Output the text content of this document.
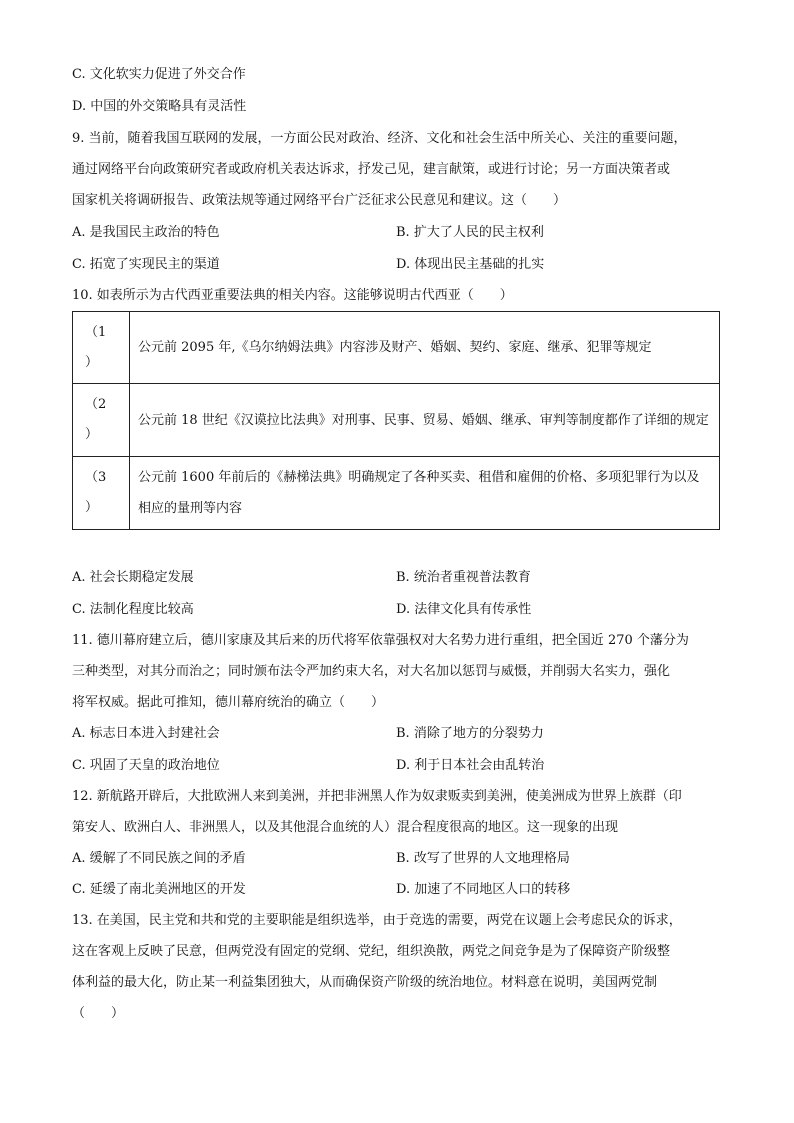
C. 文化软实力促进了外交合作
D. 中国的外交策略具有灵活性
9. 当前，随着我国互联网的发展，一方面公民对政治、经济、文化和社会生活中所关心、关注的重要问题，
通过网络平台向政策研究者或政府机关表达诉求，抒发己见，建言献策，或进行讨论；另一方面决策者或
国家机关将调研报告、政策法规等通过网络平台广泛征求公民意见和建议。这（　　）
A. 是我国民主政治的特色	B. 扩大了人民的民主权利
C. 拓宽了实现民主的渠道	D. 体现出民主基础的扎实
10. 如表所示为古代西亚重要法典的相关内容。这能够说明古代西亚（　　）
（1
）	公元前 2095 年,《乌尔纳姆法典》内容涉及财产、婚姻、契约、家庭、继承、犯罪等规定

（2
）	公元前 18 世纪《汉谟拉比法典》对刑事、民事、贸易、婚姻、继承、审判等制度都作了详细的规定

（3
）	公元前 1600 年前后的《赫梯法典》明确规定了各种买卖、租借和雇佣的价格、多项犯罪行为以及相应的量刑等内容
A. 社会长期稳定发展	B. 统治者重视普法教育
C. 法制化程度比较高	D. 法律文化具有传承性
11. 德川幕府建立后，德川家康及其后来的历代将军依靠强权对大名势力进行重组，把全国近 270 个藩分为
三种类型，对其分而治之；同时颁布法令严加约束大名，对大名加以惩罚与威慑，并削弱大名实力，强化
将军权威。据此可推知，德川幕府统治的确立（　　）
A. 标志日本进入封建社会	B. 消除了地方的分裂势力
C. 巩固了天皇的政治地位	D. 利于日本社会由乱转治
12. 新航路开辟后，大批欧洲人来到美洲，并把非洲黑人作为奴隶贩卖到美洲，使美洲成为世界上族群（印
第安人、欧洲白人、非洲黑人，以及其他混合血统的人）混合程度很高的地区。这一现象的出现
A. 缓解了不同民族之间的矛盾	B. 改写了世界的人文地理格局
C. 延缓了南北美洲地区的开发	D. 加速了不同地区人口的转移
13. 在美国，民主党和共和党的主要职能是组织选举，由于竞选的需要，两党在议题上会考虑民众的诉求，
这在客观上反映了民意，但两党没有固定的党纲、党纪，组织涣散，两党之间竞争是为了保障资产阶级整
体利益的最大化，防止某一利益集团独大，从而确保资产阶级的统治地位。材料意在说明，美国两党制
（　　）
